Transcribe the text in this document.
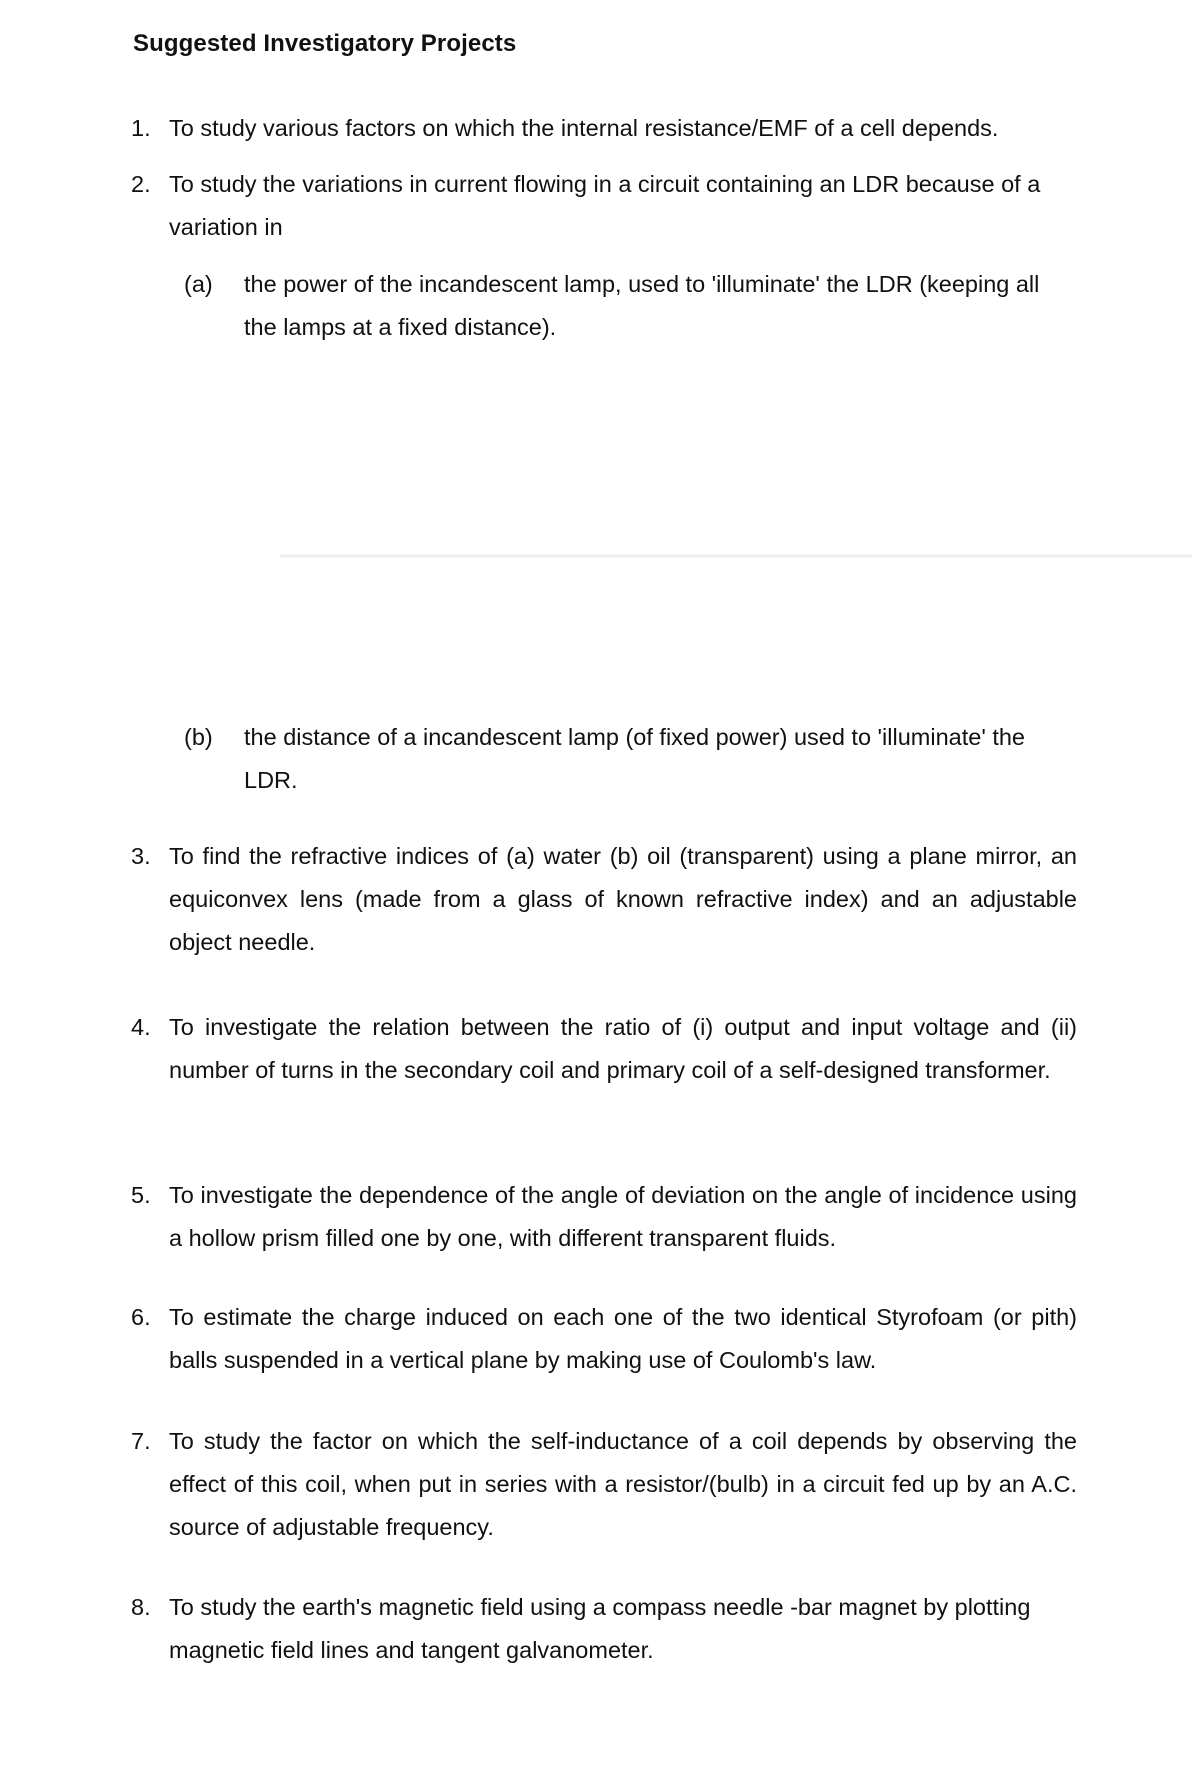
Suggested Investigatory Projects
1. To study various factors on which the internal resistance/EMF of a cell depends.
2. To study the variations in current flowing in a circuit containing an LDR because of a variation in
(a) the power of the incandescent lamp, used to 'illuminate' the LDR (keeping all the lamps at a fixed distance).
(b) the distance of a incandescent lamp (of fixed power) used to 'illuminate' the LDR.
3. To find the refractive indices of (a) water (b) oil (transparent) using a plane mirror, an equiconvex lens (made from a glass of known refractive index) and an adjustable object needle.
4. To investigate the relation between the ratio of (i) output and input voltage and (ii) number of turns in the secondary coil and primary coil of a self-designed transformer.
5. To investigate the dependence of the angle of deviation on the angle of incidence using a hollow prism filled one by one, with different transparent fluids.
6. To estimate the charge induced on each one of the two identical Styrofoam (or pith) balls suspended in a vertical plane by making use of Coulomb's law.
7. To study the factor on which the self-inductance of a coil depends by observing the effect of this coil, when put in series with a resistor/(bulb) in a circuit fed up by an A.C. source of adjustable frequency.
8. To study the earth's magnetic field using a compass needle -bar magnet by plotting magnetic field lines and tangent galvanometer.
